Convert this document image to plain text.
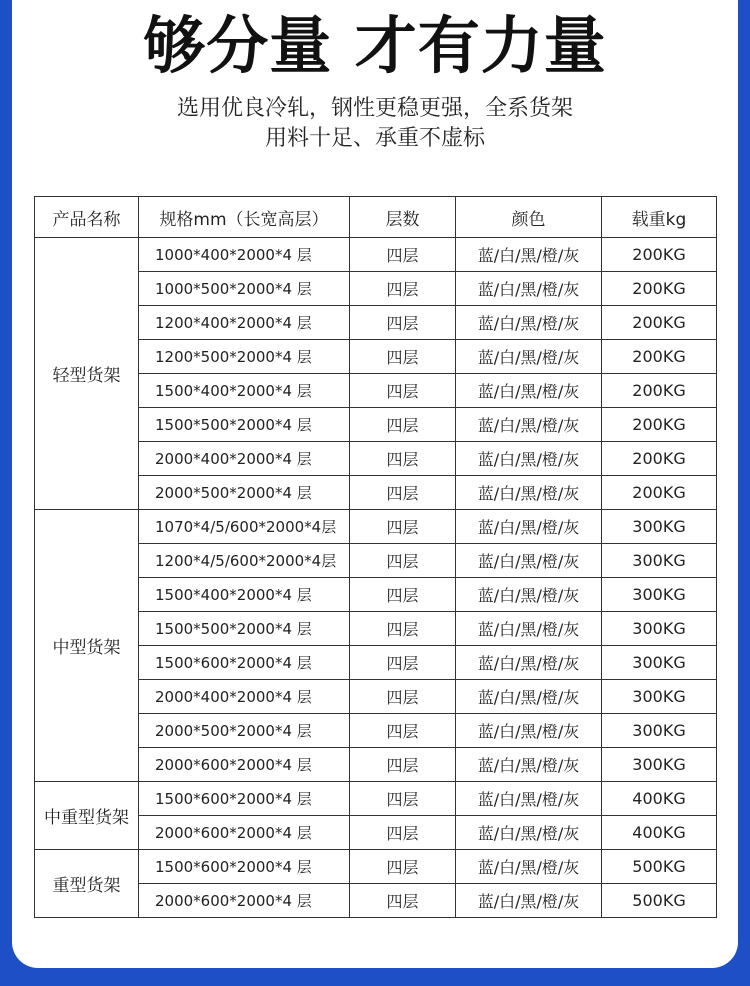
够分量 才有力量
选用优良冷轧，钢性更稳更强，全系货架
用料十足、承重不虚标
产品名称	规格mm（长宽高层）	层数	颜色	载重kg
轻型货架	1000*400*2000*4 层	四层	蓝/白/黑/橙/灰	200KG
	1000*500*2000*4 层	四层	蓝/白/黑/橙/灰	200KG
	1200*400*2000*4 层	四层	蓝/白/黑/橙/灰	200KG
	1200*500*2000*4 层	四层	蓝/白/黑/橙/灰	200KG
	1500*400*2000*4 层	四层	蓝/白/黑/橙/灰	200KG
	1500*500*2000*4 层	四层	蓝/白/黑/橙/灰	200KG
	2000*400*2000*4 层	四层	蓝/白/黑/橙/灰	200KG
	2000*500*2000*4 层	四层	蓝/白/黑/橙/灰	200KG
中型货架	1070*4/5/600*2000*4层	四层	蓝/白/黑/橙/灰	300KG
	1200*4/5/600*2000*4层	四层	蓝/白/黑/橙/灰	300KG
	1500*400*2000*4 层	四层	蓝/白/黑/橙/灰	300KG
	1500*500*2000*4 层	四层	蓝/白/黑/橙/灰	300KG
	1500*600*2000*4 层	四层	蓝/白/黑/橙/灰	300KG
	2000*400*2000*4 层	四层	蓝/白/黑/橙/灰	300KG
	2000*500*2000*4 层	四层	蓝/白/黑/橙/灰	300KG
	2000*600*2000*4 层	四层	蓝/白/黑/橙/灰	300KG
中重型货架	1500*600*2000*4 层	四层	蓝/白/黑/橙/灰	400KG
	2000*600*2000*4 层	四层	蓝/白/黑/橙/灰	400KG
重型货架	1500*600*2000*4 层	四层	蓝/白/黑/橙/灰	500KG
	2000*600*2000*4 层	四层	蓝/白/黑/橙/灰	500KG
